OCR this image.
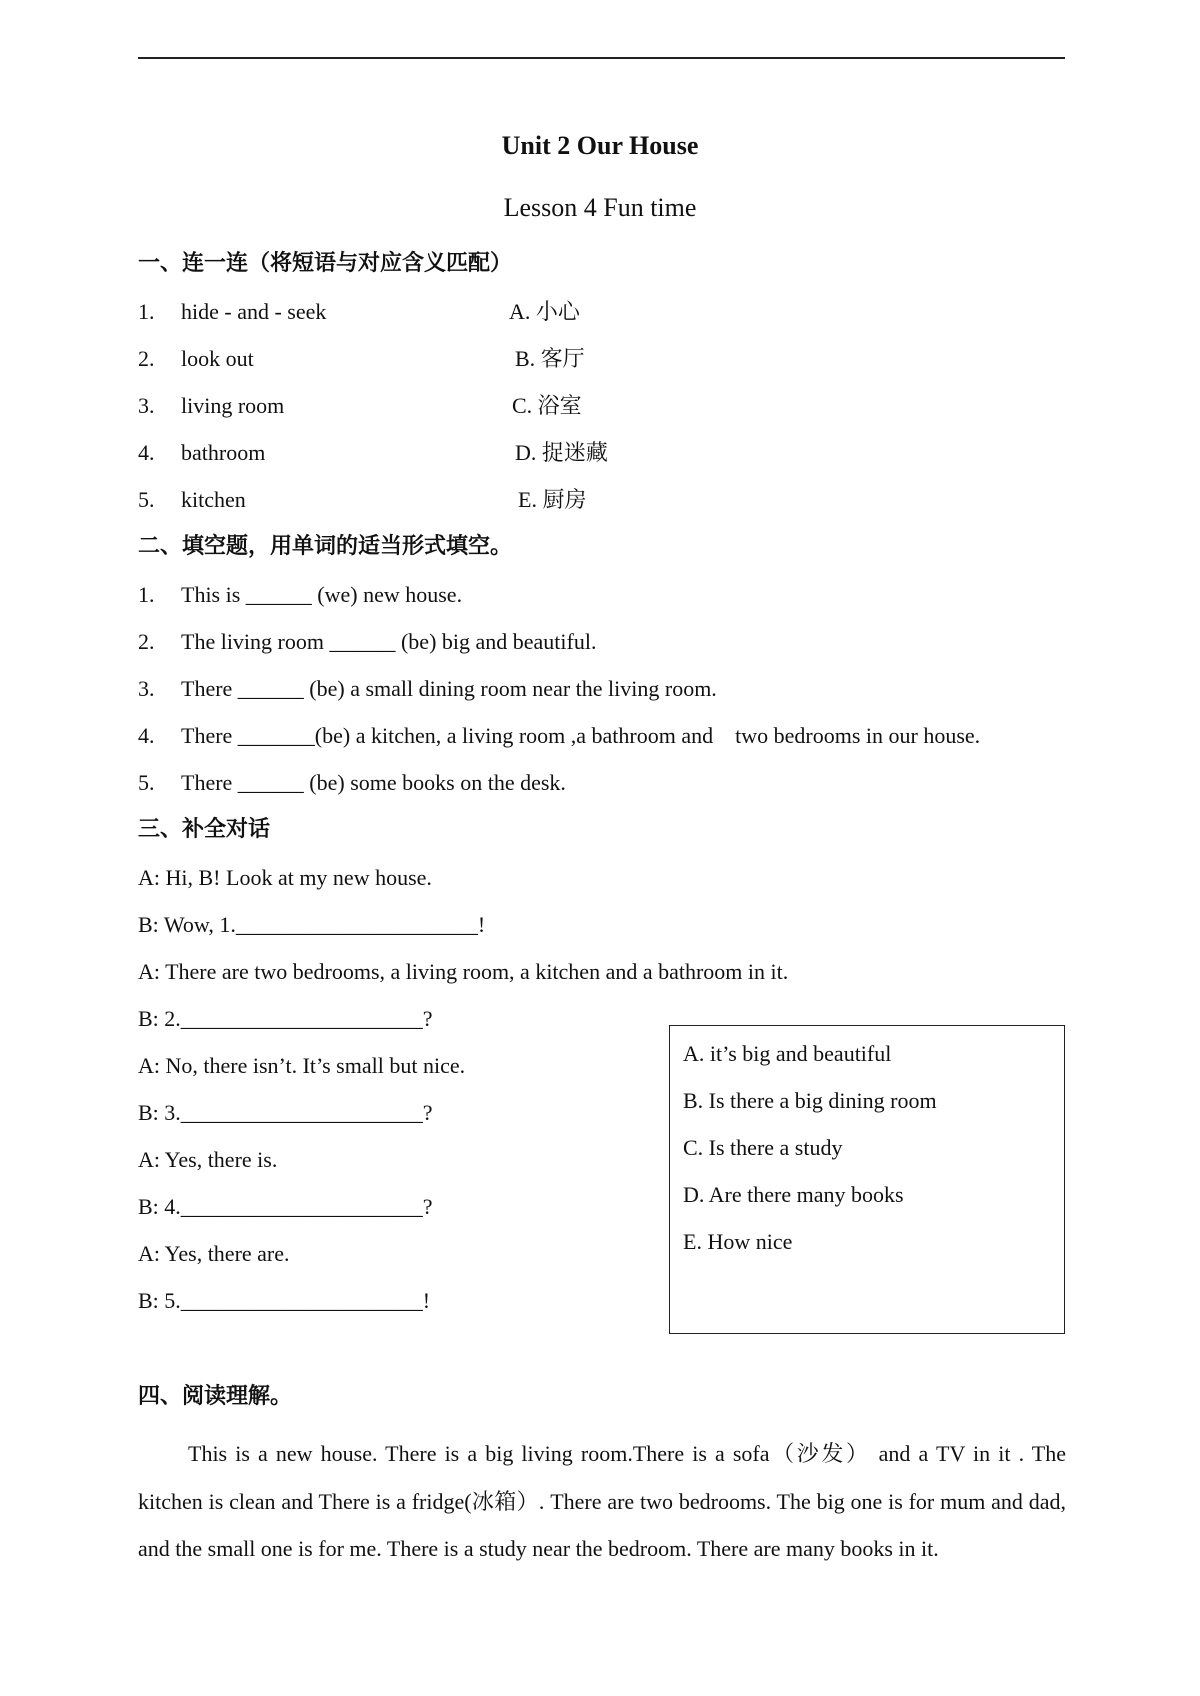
Unit 2 Our House
Lesson 4 Fun time
一、连一连（将短语与对应含义匹配）
1. hide - and - seek	A. 小心
2. look out	B. 客厅
3. living room	C. 浴室
4. bathroom	D. 捉迷藏
5. kitchen	E. 厨房
二、填空题，用单词的适当形式填空。
1. This is ______ (we) new house.
2. The living room ______ (be) big and beautiful.
3. There ______ (be) a small dining room near the living room.
4. There _______(be) a kitchen, a living room ,a bathroom and    two bedrooms in our house.
5. There ______ (be) some books on the desk.
三、补全对话
A: Hi, B! Look at my new house.
B: Wow, 1.______________________!
A: There are two bedrooms, a living room, a kitchen and a bathroom in it.
B: 2.______________________?
A: No, there isn’t. It’s small but nice.
B: 3.______________________?
A: Yes, there is.
B: 4.______________________?
A: Yes, there are.
B: 5.______________________!
A. it’s big and beautiful
B. Is there a big dining room
C. Is there a study
D. Are there many books
E. How nice
四、阅读理解。
This is a new house. There is a big living room.There is a sofa（沙发） and a TV in it . The kitchen is clean and There is a fridge(冰箱）. There are two bedrooms. The big one is for mum and dad, and the small one is for me. There is a study near the bedroom. There are many books in it.
